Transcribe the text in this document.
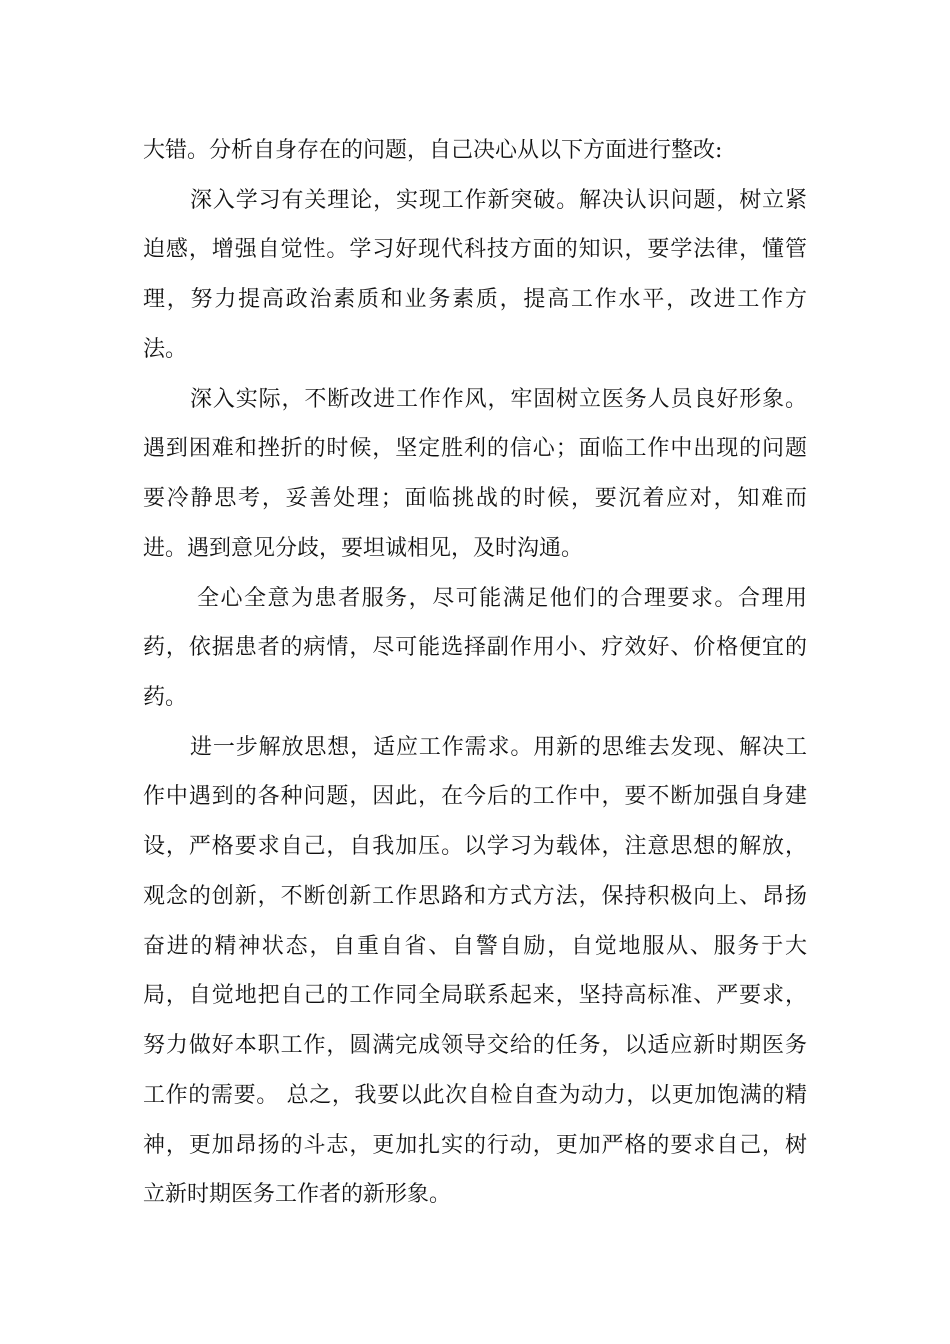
大错。分析自身存在的问题，自己决心从以下方面进行整改:
深入学习有关理论，实现工作新突破。解决认识问题，树立紧
迫感，增强自觉性。学习好现代科技方面的知识，要学法律，懂管
理，努力提高政治素质和业务素质，提高工作水平，改进工作方
法。
深入实际，不断改进工作作风，牢固树立医务人员良好形象。
遇到困难和挫折的时候，坚定胜利的信心；面临工作中出现的问题
要冷静思考，妥善处理；面临挑战的时候，要沉着应对，知难而
进。遇到意见分歧，要坦诚相见，及时沟通。
全心全意为患者服务，尽可能满足他们的合理要求。合理用
药，依据患者的病情，尽可能选择副作用小、疗效好、价格便宜的
药。
进一步解放思想，适应工作需求。用新的思维去发现、解决工
作中遇到的各种问题，因此，在今后的工作中，要不断加强自身建
设，严格要求自己，自我加压。以学习为载体，注意思想的解放，
观念的创新，不断创新工作思路和方式方法，保持积极向上、昂扬
奋进的精神状态，自重自省、自警自励，自觉地服从、服务于大
局，自觉地把自己的工作同全局联系起来，坚持高标准、严要求，
努力做好本职工作，圆满完成领导交给的任务，以适应新时期医务
工作的需要。 总之，我要以此次自检自查为动力，以更加饱满的精
神，更加昂扬的斗志，更加扎实的行动，更加严格的要求自己，树
立新时期医务工作者的新形象。
